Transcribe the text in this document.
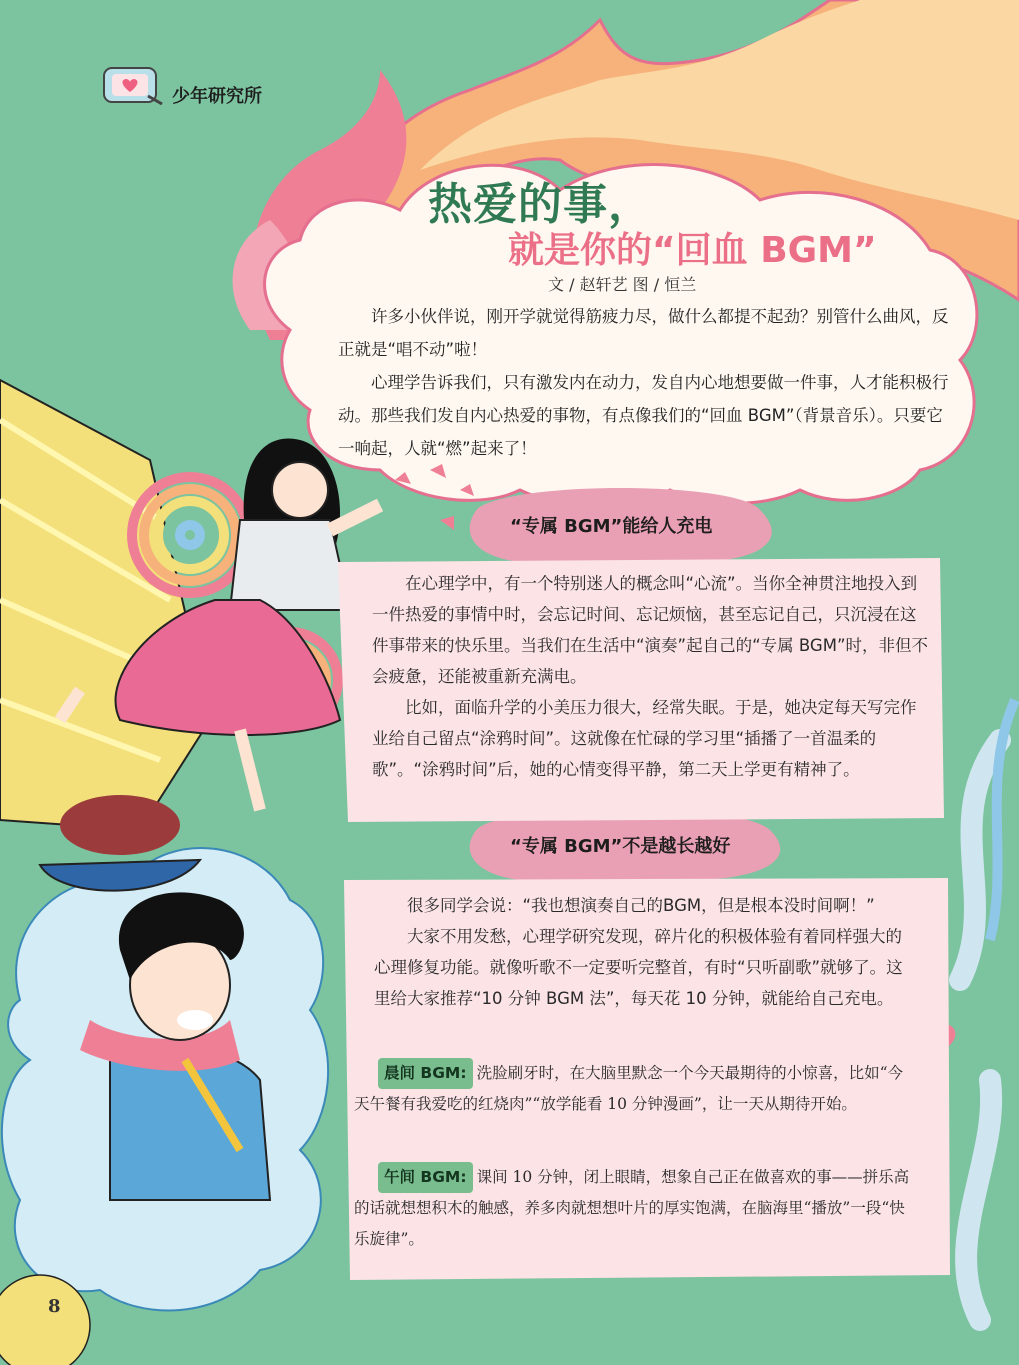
少年研究所
热爱的事，
就是你的“回血 BGM”
文 / 赵轩艺 图 / 恒兰

许多小伙伴说，刚开学就觉得筋疲力尽，做什么都提不起劲？别管什么曲风，反正就是“唱不动”啦！

心理学告诉我们，只有激发内在动力，发自内心地想要做一件事，人才能积极行动。那些我们发自内心热爱的事物，有点像我们的“回血 BGM”（背景音乐）。只要它一响起，人就“燃”起来了！

“专属 BGM”能给人充电

在心理学中，有一个特别迷人的概念叫“心流”。当你全神贯注地投入到一件热爱的事情中时，会忘记时间、忘记烦恼，甚至忘记自己，只沉浸在这件事带来的快乐里。当我们在生活中“演奏”起自己的“专属 BGM”时，非但不会疲惫，还能被重新充满电。

比如，面临升学的小美压力很大，经常失眠。于是，她决定每天写完作业给自己留点“涂鸦时间”。这就像在忙碌的学习里“插播了一首温柔的歌”。“涂鸦时间”后，她的心情变得平静，第二天上学更有精神了。

“专属 BGM”不是越长越好

很多同学会说：“我也想演奏自己的BGM，但是根本没时间啊！”

大家不用发愁，心理学研究发现，碎片化的积极体验有着同样强大的心理修复功能。就像听歌不一定要听完整首，有时“只听副歌”就够了。这里给大家推荐“10 分钟 BGM 法”，每天花 10 分钟，就能给自己充电。

晨间 BGM: 洗脸刷牙时，在大脑里默念一个今天最期待的小惊喜，比如“今天午餐有我爱吃的红烧肉”“放学能看 10 分钟漫画”，让一天从期待开始。
午间 BGM: 课间 10 分钟，闭上眼睛，想象自己正在做喜欢的事——拼乐高的话就想想积木的触感，养多肉就想想叶片的厚实饱满，在脑海里“播放”一段“快乐旋律”。
8
